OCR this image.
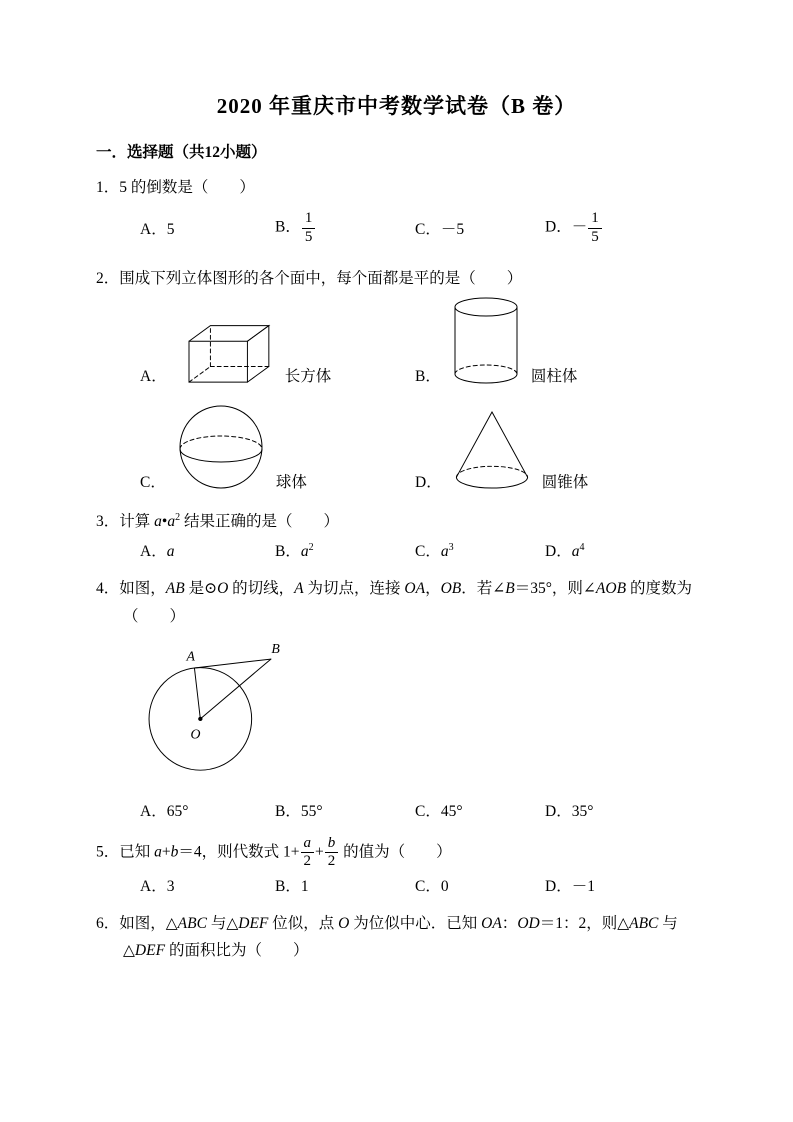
2020 年重庆市中考数学试卷（B 卷）
一．选择题（共12小题）

1．5 的倒数是（　　）

A．5	B． $\frac{1}{5}$	C．－5	D．－ $\frac{1}{5}$

2．围成下列立体图形的各个面中，每个面都是平的是（　　）

A．	长方体	B．	圆柱体
C．	球体	D．	圆锥体

3．计算 $a•a^2$ 结果正确的是（　　）

A．a	B．$a^2$	C．$a^3$	D．$a^4$

4．如图，AB 是⊙O 的切线，A 为切点，连接 OA，OB．若∠B＝35°，则∠AOB 的度数为（　　）

A
B
O
A．65°	B．55°	C．45°	D．35°

5．已知 a+b＝4，则代数式 $1+ \frac{a}{2} + \frac{b}{2}$ 的值为（　　）

A．3	B．1	C．0	D．－1

6．如图，△ABC 与△DEF 位似，点 O 为位似中心．已知 OA：OD＝1：2，则△ABC 与△DEF 的面积比为（　　）
